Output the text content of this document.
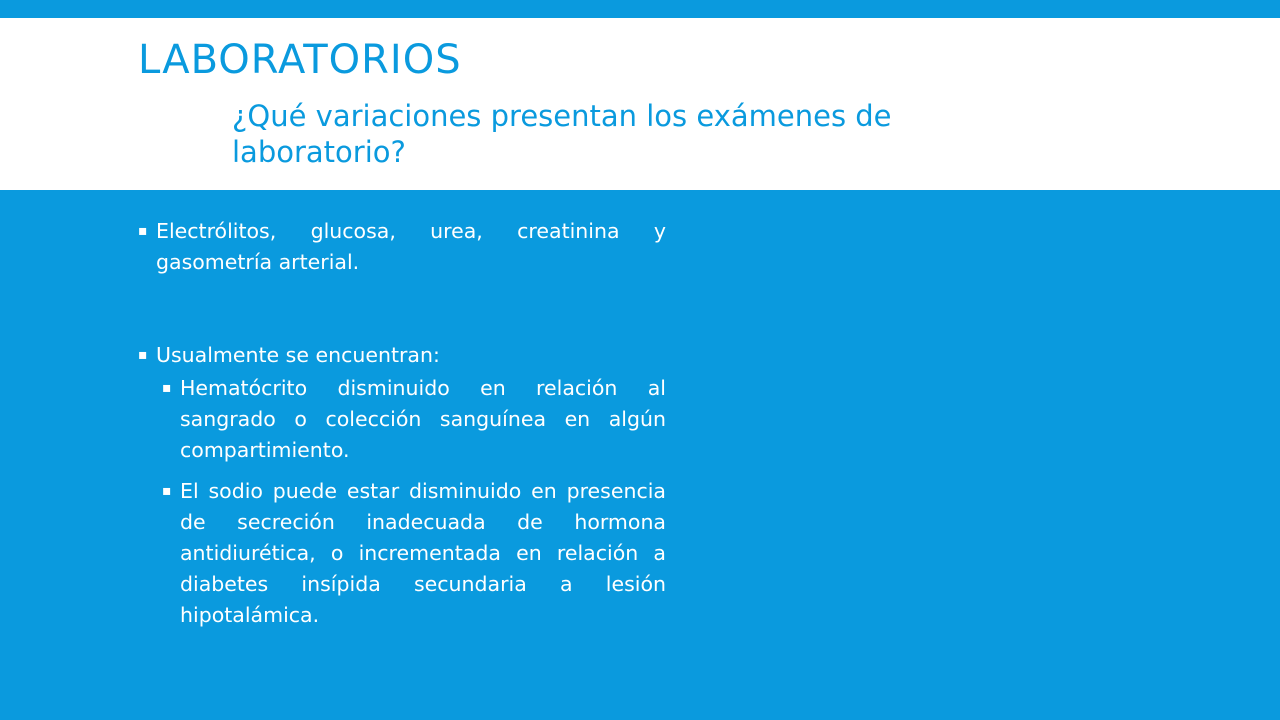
LABORATORIOS
¿Qué variaciones presentan los exámenes de laboratorio?
▪ Electrólitos, glucosa, urea, creatinina y gasometría arterial.
▪ Usualmente se encuentran:
▪ Hematócrito disminuido en relación al sangrado o colección sanguínea en algún compartimiento.
▪ El sodio puede estar disminuido en presencia de secreción inadecuada de hormona antidiurética, o incrementada en relación a diabetes insípida secundaria a lesión hipotalámica.
